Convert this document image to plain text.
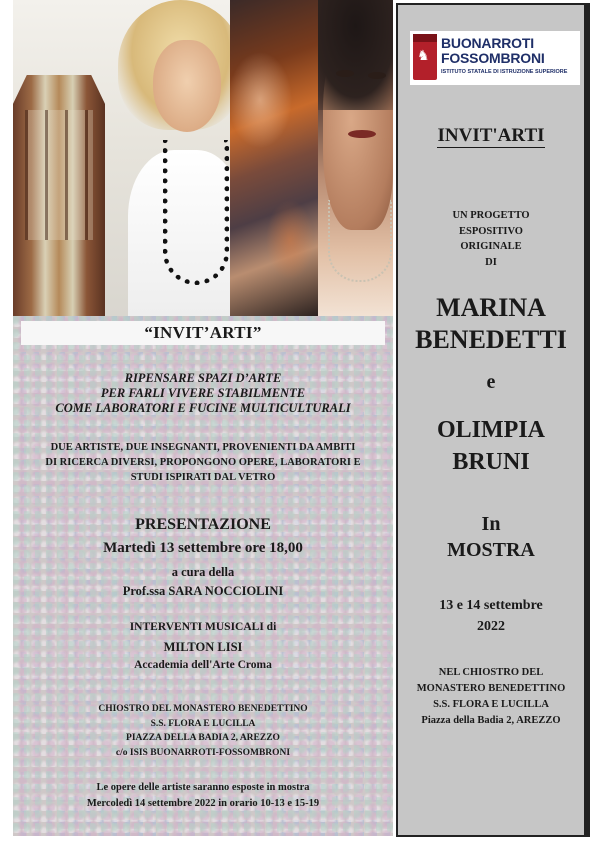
“INVIT’ARTI”
RIPENSARE SPAZI D’ARTE
PER FARLI VIVERE STABILMENTE
COME LABORATORI E FUCINE MULTICULTURALI
DUE ARTISTE, DUE INSEGNANTI, PROVENIENTI DA AMBITI
DI RICERCA DIVERSI, PROPONGONO OPERE, LABORATORI E
STUDI ISPIRATI DAL VETRO
PRESENTAZIONE
Martedì 13 settembre ore 18,00
a cura della
Prof.ssa SARA NOCCIOLINI
INTERVENTI MUSICALI di
MILTON LISI
Accademia dell'Arte Croma
CHIOSTRO DEL MONASTERO BENEDETTINO
S.S. FLORA E LUCILLA
PIAZZA DELLA BADIA 2, AREZZO
c/o ISIS BUONARROTI-FOSSOMBRONI
Le opere delle artiste saranno esposte in mostra
Mercoledì 14 settembre 2022 in orario 10-13 e 15-19
♞
BUONARROTI
FOSSOMBRONI
ISTITUTO STATALE DI ISTRUZIONE SUPERIORE
INVIT'ARTI
UN PROGETTO
ESPOSITIVO
ORIGINALE
DI
MARINA
BENEDETTI
e
OLIMPIA
BRUNI
In
MOSTRA
13 e 14 settembre
2022
NEL CHIOSTRO DEL
MONASTERO BENEDETTINO
S.S. FLORA E LUCILLA
Piazza della Badia 2, AREZZO
